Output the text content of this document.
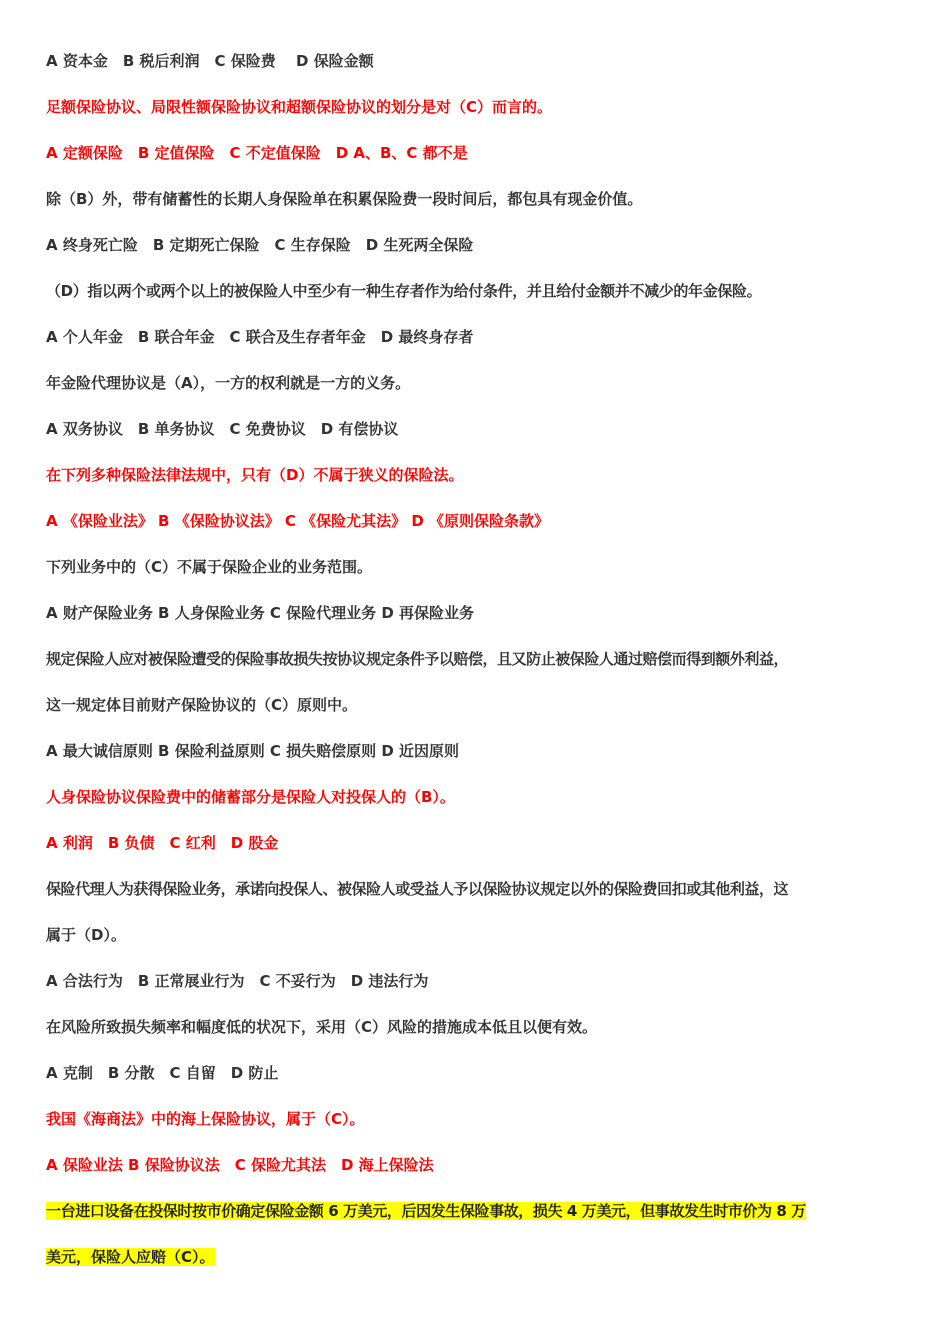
A 资本金　B 税后利润　C 保险费　 D 保险金额
足额保险协议、局限性额保险协议和超额保险协议的划分是对（C）而言的。
A 定额保险　B 定值保险　C 不定值保险　D A、B、C 都不是
除（B）外，带有储蓄性的长期人身保险单在积累保险费一段时间后，都包具有现金价值。
A 终身死亡险　B 定期死亡保险　C 生存保险　D 生死两全保险
（D）指以两个或两个以上的被保险人中至少有一种生存者作为给付条件，并且给付金额并不减少的年金保险。
A 个人年金　B 联合年金　C 联合及生存者年金　D 最终身存者
年金险代理协议是（A），一方的权利就是一方的义务。
A 双务协议　B 单务协议　C 免费协议　D 有偿协议
在下列多种保险法律法规中，只有（D）不属于狭义的保险法。
A 《保险业法》 B 《保险协议法》 C 《保险尤其法》 D 《原则保险条款》
下列业务中的（C）不属于保险企业的业务范围。
A 财产保险业务 B 人身保险业务 C 保险代理业务 D 再保险业务
规定保险人应对被保险遭受的保险事故损失按协议规定条件予以赔偿，且又防止被保险人通过赔偿而得到额外利益，
这一规定体目前财产保险协议的（C）原则中。
A 最大诚信原则 B 保险利益原则 C 损失赔偿原则 D 近因原则
人身保险协议保险费中的储蓄部分是保险人对投保人的（B）。
A 利润　B 负债　C 红利　D 股金
保险代理人为获得保险业务，承诺向投保人、被保险人或受益人予以保险协议规定以外的保险费回扣或其他利益，这
属于（D）。
A 合法行为　B 正常展业行为　C 不妥行为　D 违法行为
在风险所致损失频率和幅度低的状况下，采用（C）风险的措施成本低且以便有效。
A 克制　B 分散　C 自留　D 防止
我国《海商法》中的海上保险协议，属于（C）。
A 保险业法 B 保险协议法　C 保险尤其法　D 海上保险法
一台进口设备在投保时按市价确定保险金额 6 万美元，后因发生保险事故，损失 4 万美元，但事故发生时市价为 8 万
美元，保险人应赔（C）。
